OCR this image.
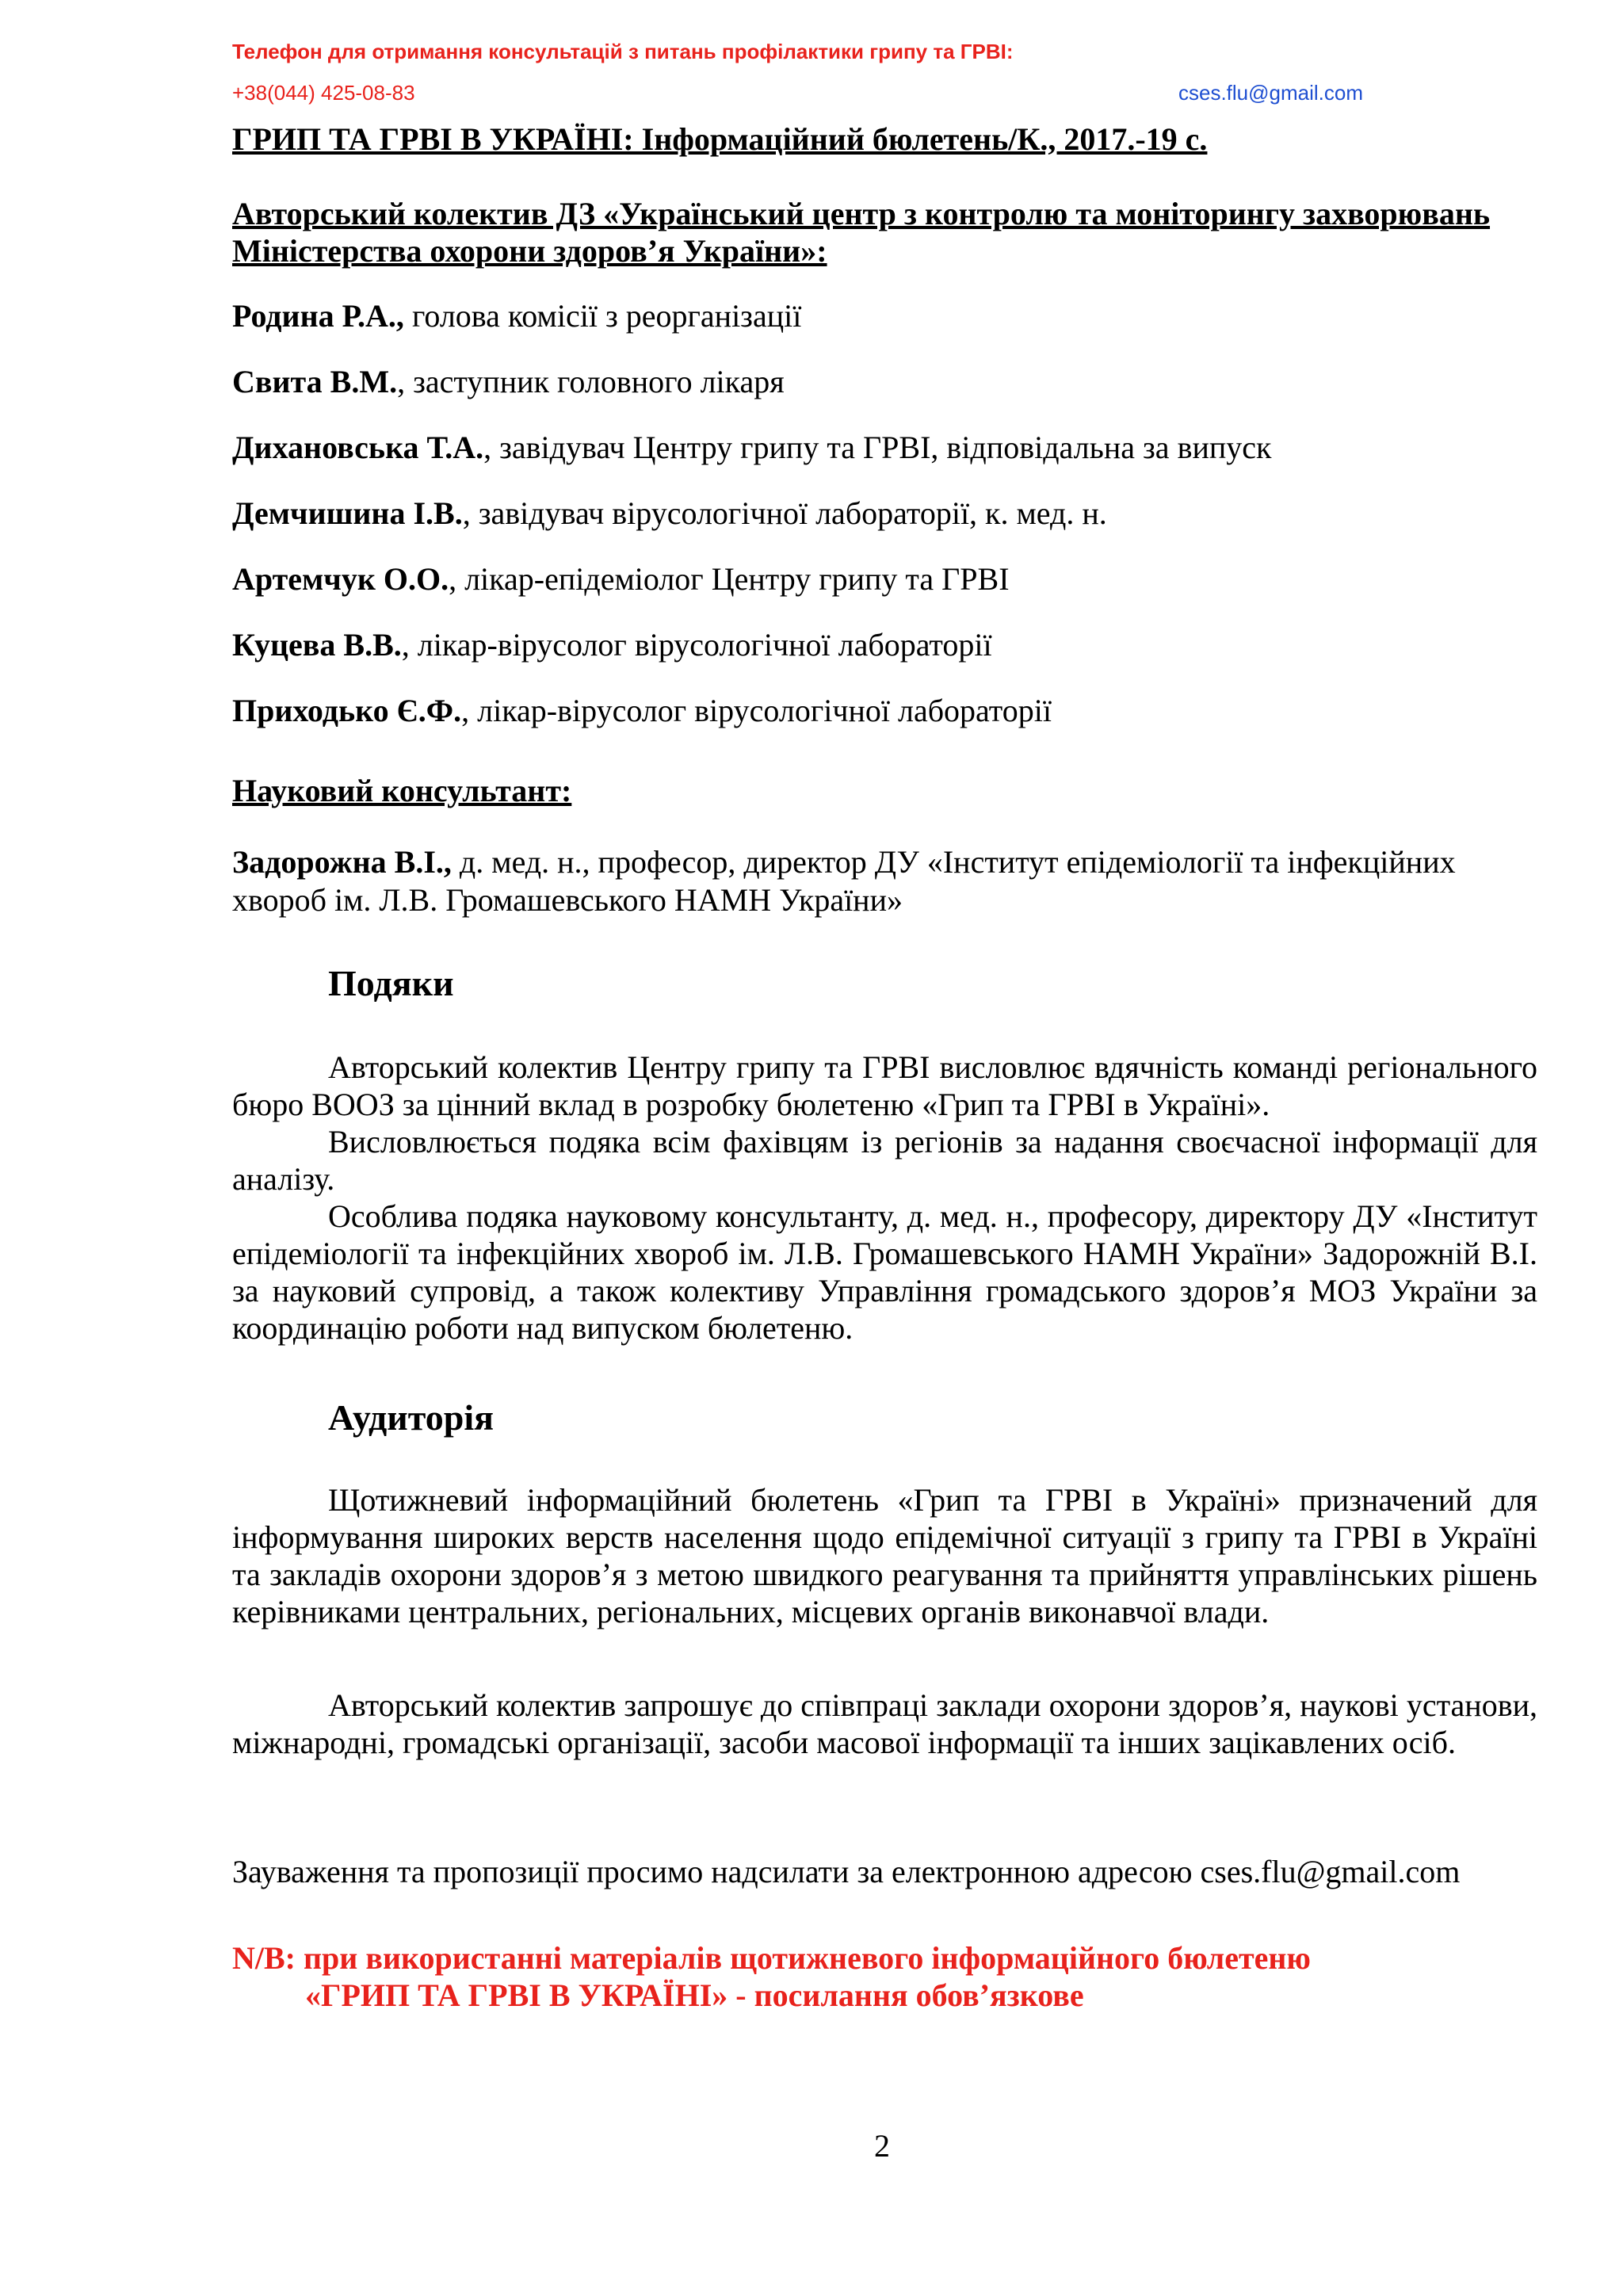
Телефон для отримання консультацій з питань профілактики грипу та ГРВІ:
+38(044) 425-08-83	cses.flu@gmail.com
ГРИП ТА ГРВІ В УКРАЇНІ: Інформаційний бюлетень/К., 2017.-19 с.
Авторський колектив ДЗ «Український центр з контролю та моніторингу захворювань
Міністерства охорони здоров’я України»:
Родина Р.А., голова комісії з реорганізації
Свита В.М., заступник головного лікаря
Дихановська Т.А., завідувач Центру грипу та ГРВІ, відповідальна за випуск
Демчишина І.В., завідувач вірусологічної лабораторії, к. мед. н.
Артемчук О.О., лікар-епідеміолог Центру грипу та ГРВІ
Куцева В.В., лікар-вірусолог вірусологічної лабораторії
Приходько Є.Ф., лікар-вірусолог вірусологічної лабораторії
Науковий консультант:
Задорожна В.І., д. мед. н., професор, директор ДУ «Інститут епідеміології та інфекційних хвороб ім. Л.В. Громашевського НАМН України»
Подяки
Авторський колектив Центру грипу та ГРВІ висловлює вдячність команді регіонального бюро ВООЗ за цінний вклад в розробку бюлетеню «Грип та ГРВІ в Україні».
Висловлюється подяка всім фахівцям із регіонів за надання своєчасної інформації для аналізу.
Особлива подяка науковому консультанту, д. мед. н., професору, директору ДУ «Інститут епідеміології та інфекційних хвороб ім. Л.В. Громашевського НАМН України» Задорожній В.І. за науковий супровід, а також колективу Управління громадського здоров’я МОЗ України за координацію роботи над випуском бюлетеню.
Аудиторія
Щотижневий інформаційний бюлетень «Грип та ГРВІ в Україні» призначений для інформування широких верств населення щодо епідемічної ситуації з грипу та ГРВІ в Україні та закладів охорони здоров’я з метою швидкого реагування та прийняття управлінських рішень керівниками центральних, регіональних, місцевих органів виконавчої влади.
Авторський колектив запрошує до співпраці заклади охорони здоров’я, наукові установи, міжнародні, громадські організації, засоби масової інформації та інших зацікавлених осіб.
Зауваження та пропозиції просимо надсилати за електронною адресою cses.flu@gmail.com
N/B: при використанні матеріалів щотижневого інформаційного бюлетеню
«ГРИП ТА ГРВІ В УКРАЇНІ» - посилання обов’язкове
2
